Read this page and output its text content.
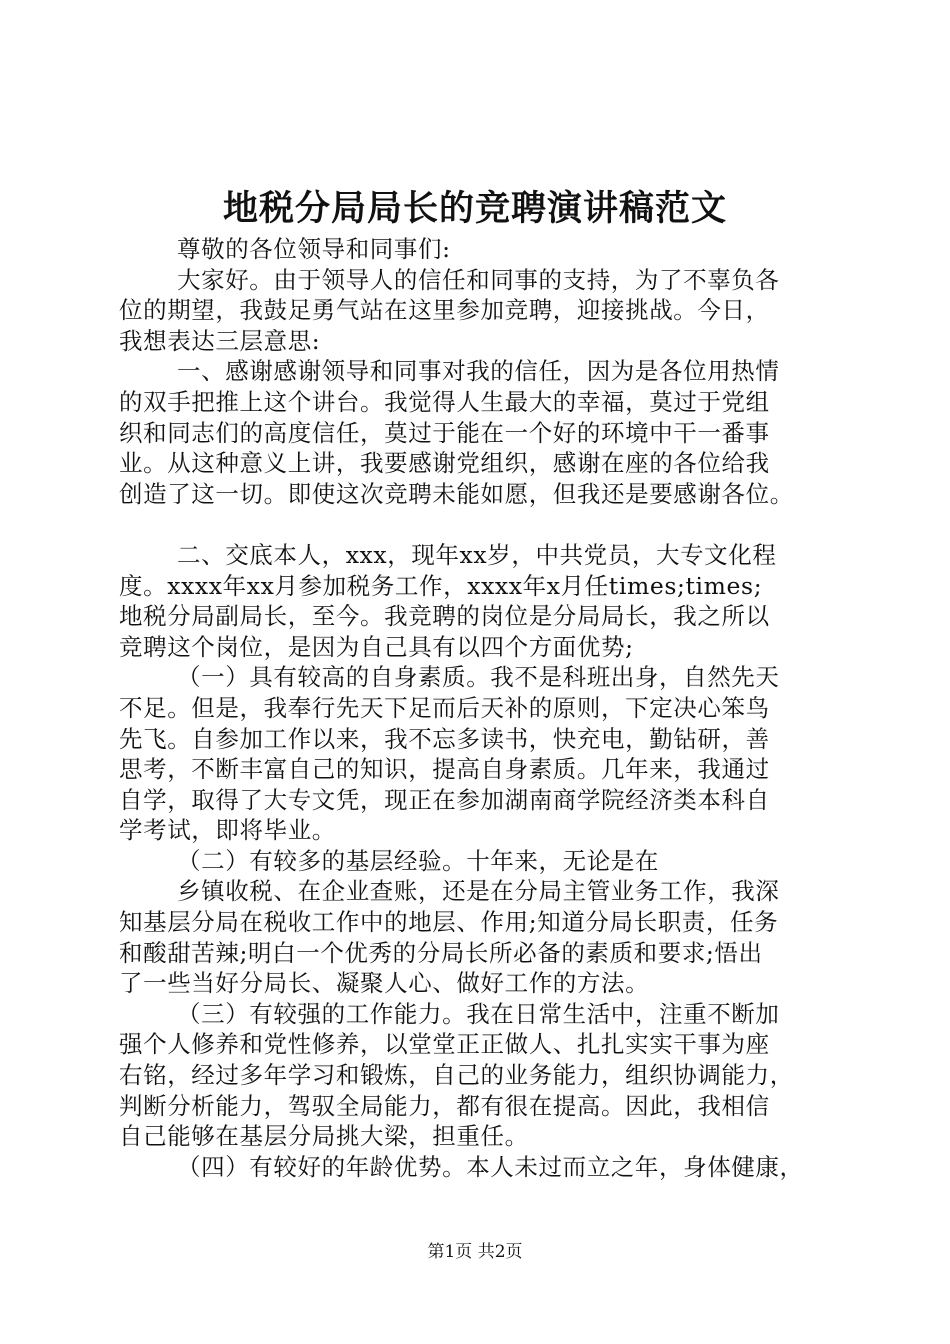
地税分局局长的竞聘演讲稿范文
尊敬的各位领导和同事们:
大家好。由于领导人的信任和同事的支持，为了不辜负各
位的期望，我鼓足勇气站在这里参加竞聘，迎接挑战。今日，
我想表达三层意思:
一、感谢感谢领导和同事对我的信任，因为是各位用热情
的双手把推上这个讲台。我觉得人生最大的幸福，莫过于党组
织和同志们的高度信任，莫过于能在一个好的环境中干一番事
业。从这种意义上讲，我要感谢党组织，感谢在座的各位给我
创造了这一切。即使这次竞聘未能如愿，但我还是要感谢各位。
二、交底本人，xxx，现年xx岁，中共党员，大专文化程
度。xxxx年xx月参加税务工作，xxxx年x月任times;times;
地税分局副局长，至今。我竞聘的岗位是分局局长，我之所以
竞聘这个岗位，是因为自己具有以四个方面优势;
（一）具有较高的自身素质。我不是科班出身，自然先天
不足。但是，我奉行先天下足而后天补的原则，下定决心笨鸟
先飞。自参加工作以来，我不忘多读书，快充电，勤钻研，善
思考，不断丰富自己的知识，提高自身素质。几年来，我通过
自学，取得了大专文凭，现正在参加湖南商学院经济类本科自
学考试，即将毕业。
（二）有较多的基层经验。十年来，无论是在
乡镇收税、在企业查账，还是在分局主管业务工作，我深
知基层分局在税收工作中的地层、作用;知道分局长职责，任务
和酸甜苦辣;明白一个优秀的分局长所必备的素质和要求;悟出
了一些当好分局长、凝聚人心、做好工作的方法。
（三）有较强的工作能力。我在日常生活中，注重不断加
强个人修养和党性修养，以堂堂正正做人、扎扎实实干事为座
右铭，经过多年学习和锻炼，自己的业务能力，组织协调能力，
判断分析能力，驾驭全局能力，都有很在提高。因此，我相信
自己能够在基层分局挑大梁，担重任。
（四）有较好的年龄优势。本人未过而立之年，身体健康，
第1页 共2页
